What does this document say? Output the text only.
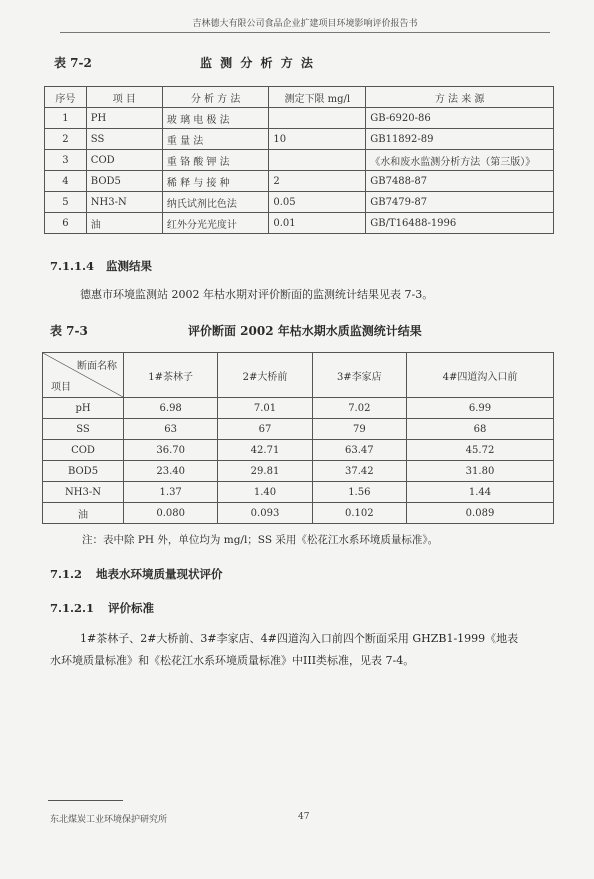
吉林德大有限公司食品企业扩建项目环境影响评价报告书
表 7-2	监 测 分 析 方 法
序号	项 目	分 析 方 法	测定下限 mg/l	方 法 来 源
1	PH	玻 璃 电 极 法		GB-6920-86
2	SS	重 量 法	10	GB11892-89
3	COD	重 铬 酸 钾 法		《水和废水监测分析方法（第三版）》
4	BOD5	稀 释 与 接 种	2	GB7488-87
5	NH3-N	纳氏试剂比色法	0.05	GB7479-87
6	油	红外分光光度计	0.01	GB/T16488-1996
7.1.1.4 监测结果
德惠市环境监测站 2002 年枯水期对评价断面的监测统计结果见表 7-3。
表 7-3	评价断面 2002 年枯水期水质监测统计结果
断面名称
项目	1#茶林子	2#大桥前	3#李家店	4#四道沟入口前
pH	6.98	7.01	7.02	6.99
SS	63	67	79	68
COD	36.70	42.71	63.47	45.72
BOD5	23.40	29.81	37.42	31.80
NH3-N	1.37	1.40	1.56	1.44
油	0.080	0.093	0.102	0.089
注：表中除 PH 外，单位均为 mg/l；SS 采用《松花江水系环境质量标准》。
7.1.2 地表水环境质量现状评价
7.1.2.1 评价标准
1#茶林子、2#大桥前、3#李家店、4#四道沟入口前四个断面采用 GHZB1-1999《地表
水环境质量标准》和《松花江水系环境质量标准》中III类标准，见表 7-4。
东北煤炭工业环境保护研究所	47
